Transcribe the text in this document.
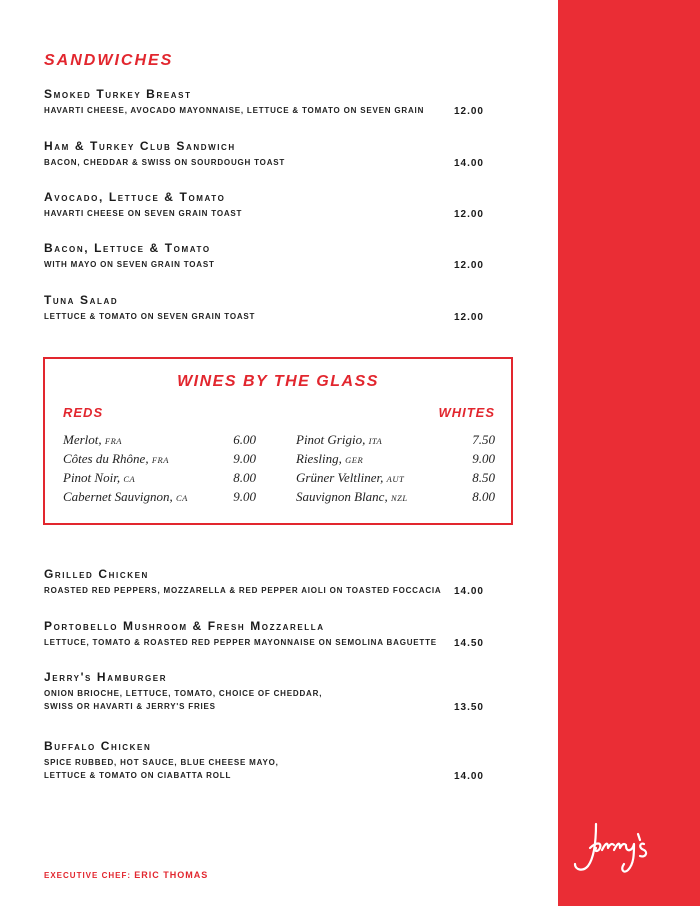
SANDWICHES
Smoked Turkey Breast
HAVARTI CHEESE, AVOCADO MAYONNAISE, LETTUCE & TOMATO ON SEVEN GRAIN	12.00
Ham & Turkey Club Sandwich
BACON, CHEDDAR & SWISS ON SOURDOUGH TOAST	14.00
Avocado, Lettuce & Tomato
HAVARTI CHEESE ON SEVEN GRAIN TOAST	12.00
Bacon, Lettuce & Tomato
WITH MAYO ON SEVEN GRAIN TOAST	12.00
Tuna Salad
LETTUCE & TOMATO ON SEVEN GRAIN TOAST	12.00
WINES BY THE GLASS
REDS	WHITES
Merlot, FRA	6.00
Côtes du Rhône, FRA	9.00
Pinot Noir, CA	8.00
Cabernet Sauvignon, CA	9.00
Pinot Grigio, ITA	7.50
Riesling, GER	9.00
Grüner Veltliner, AUT	8.50
Sauvignon Blanc, NZL	8.00
Grilled Chicken
ROASTED RED PEPPERS, MOZZARELLA & RED PEPPER AIOLI ON TOASTED FOCCACIA	14.00
Portobello Mushroom & Fresh Mozzarella
LETTUCE, TOMATO & ROASTED RED PEPPER MAYONNAISE ON SEMOLINA BAGUETTE	14.50
Jerry's Hamburger
ONION BRIOCHE, LETTUCE, TOMATO, CHOICE OF CHEDDAR,
SWISS OR HAVARTI & JERRY'S FRIES	13.50
Buffalo Chicken
SPICE RUBBED, HOT SAUCE, BLUE CHEESE MAYO,
LETTUCE & TOMATO ON CIABATTA ROLL	14.00
EXECUTIVE CHEF: ERIC THOMAS
